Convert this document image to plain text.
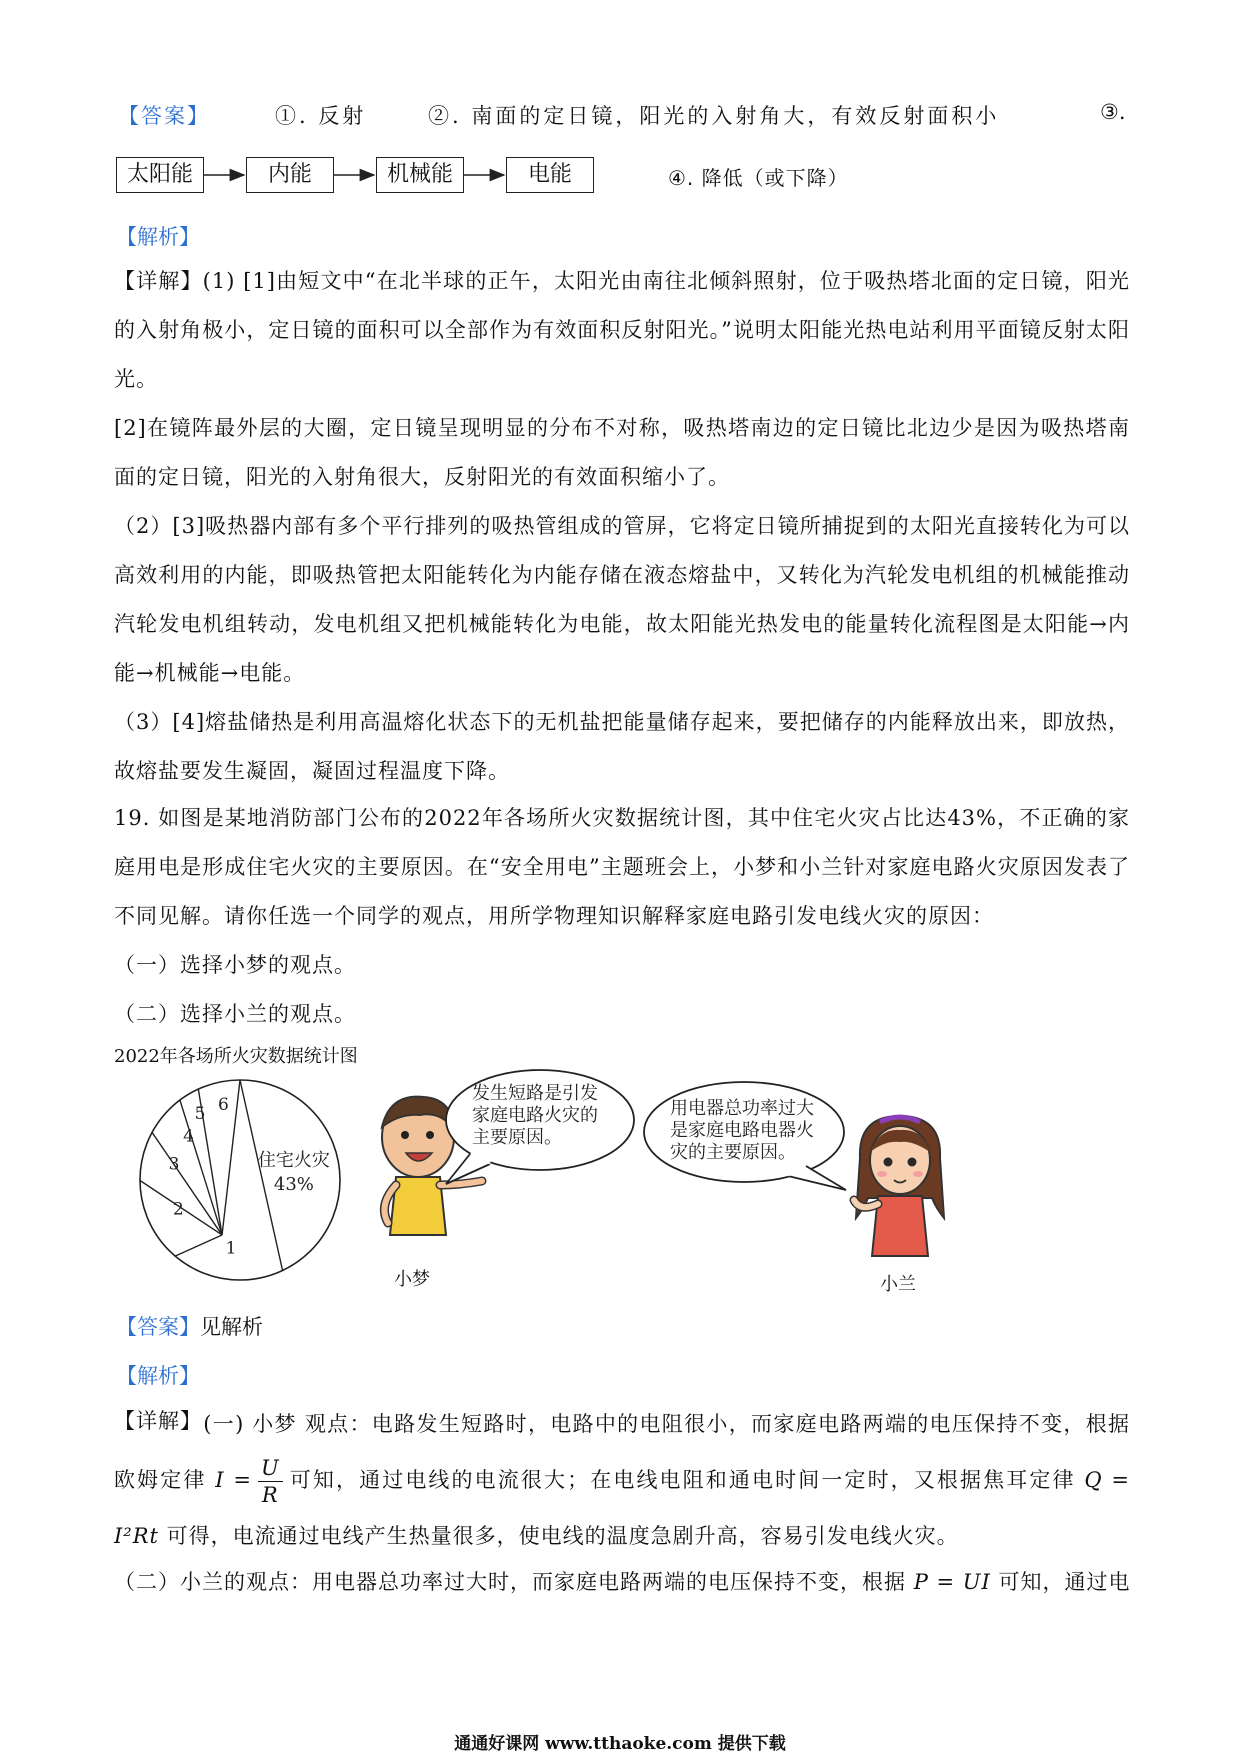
【答案】	①. 反射	②. 南面的定日镜，阳光的入射角大，有效反射面积小	③.
太阳能	内能	机械能	电能	④. 降低（或下降）
【解析】
【详解】(1) [1]由短文中“在北半球的正午，太阳光由南往北倾斜照射，位于吸热塔北面的定日镜，阳光的入射角极小，定日镜的面积可以全部作为有效面积反射阳光。”说明太阳能光热电站利用平面镜反射太阳光。
[2]在镜阵最外层的大圈，定日镜呈现明显的分布不对称，吸热塔南边的定日镜比北边少是因为吸热塔南面的定日镜，阳光的入射角很大，反射阳光的有效面积缩小了。
（2）[3]吸热器内部有多个平行排列的吸热管组成的管屏，它将定日镜所捕捉到的太阳光直接转化为可以高效利用的内能，即吸热管把太阳能转化为内能存储在液态熔盐中，又转化为汽轮发电机组的机械能推动汽轮发电机组转动，发电机组又把机械能转化为电能，故太阳能光热发电的能量转化流程图是太阳能→内能→机械能→电能。
（3）[4]熔盐储热是利用高温熔化状态下的无机盐把能量储存起来，要把储存的内能释放出来，即放热，故熔盐要发生凝固，凝固过程温度下降。
19. 如图是某地消防部门公布的2022年各场所火灾数据统计图，其中住宅火灾占比达43%，不正确的家庭用电是形成住宅火灾的主要原因。在“安全用电”主题班会上，小梦和小兰针对家庭电路火灾原因发表了不同见解。请你任选一个同学的观点，用所学物理知识解释家庭电路引发电线火灾的原因：
（一）选择小梦的观点。
（二）选择小兰的观点。
2022年各场所火灾数据统计图
住宅火灾
43%
1
2
3
4
5 6
小梦
发生短路是引发
家庭电路火灾的
主要原因。
用电器总功率过大
是家庭电路电器火
灾的主要原因。
小兰
【答案】见解析
【解析】
【详解】 (一) 小梦 观点：电路发生短路时，电路中的电阻很小，而家庭电路两端的电压保持不变，根据欧姆定律 $I = \frac{U}{R}$ 可知，通过电线的电流很大；在电线电阻和通电时间一定时，又根据焦耳定律 Q = I²Rt 可得，电流通过电线产生热量很多，使电线的温度急剧升高，容易引发电线火灾。
（二）小兰的观点：用电器总功率过大时，而家庭电路两端的电压保持不变，根据 P = UI 可知，通过电
通通好课网 www.tthaoke.com 提供下载
